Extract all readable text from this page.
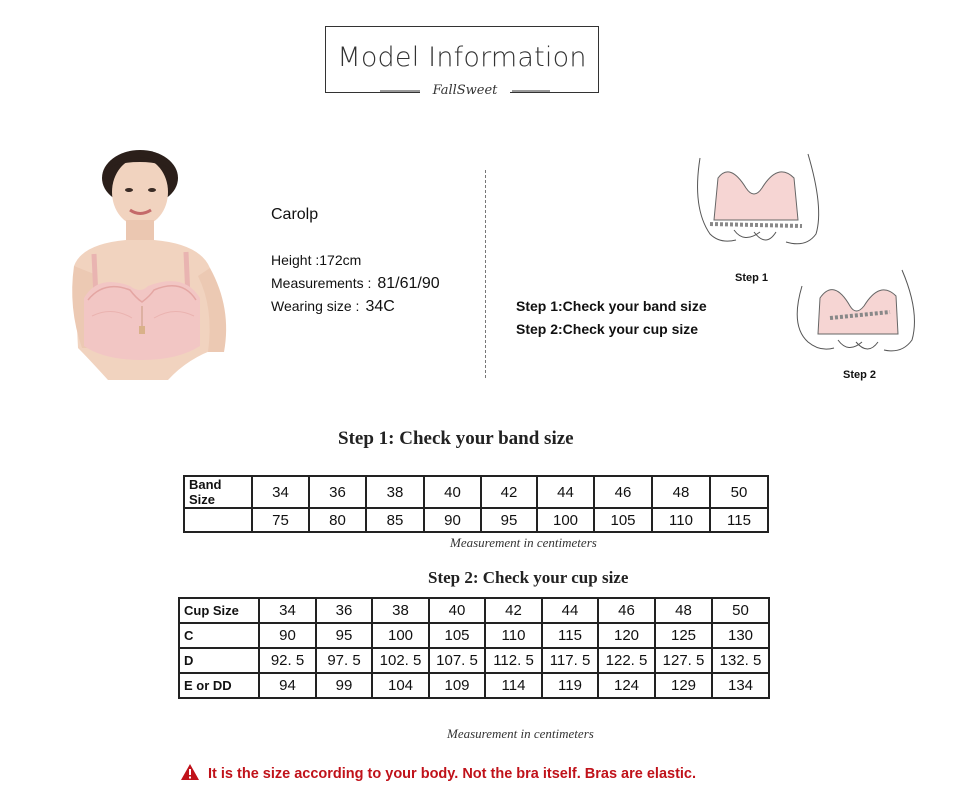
Model Information
FallSweet
Carolp
Height :172cm
Measurements : 81/61/90
Wearing size : 34C
Step 1
Step 2
Step 1:Check your band size
Step 2:Check your cup size
Step 1: Check your band size
Band Size	34	36	38	40	42	44	46	48	50
	75	80	85	90	95	100	105	110	115
Measurement in centimeters
Step 2: Check your cup size
Cup Size	34	36	38	40	42	44	46	48	50
C	90	95	100	105	110	115	120	125	130
D	92. 5	97. 5	102. 5	107. 5	112. 5	117. 5	122. 5	127. 5	132. 5
E or DD	94	99	104	109	114	119	124	129	134
Measurement in centimeters
It is the size according to your body. Not the bra itself. Bras are elastic.
